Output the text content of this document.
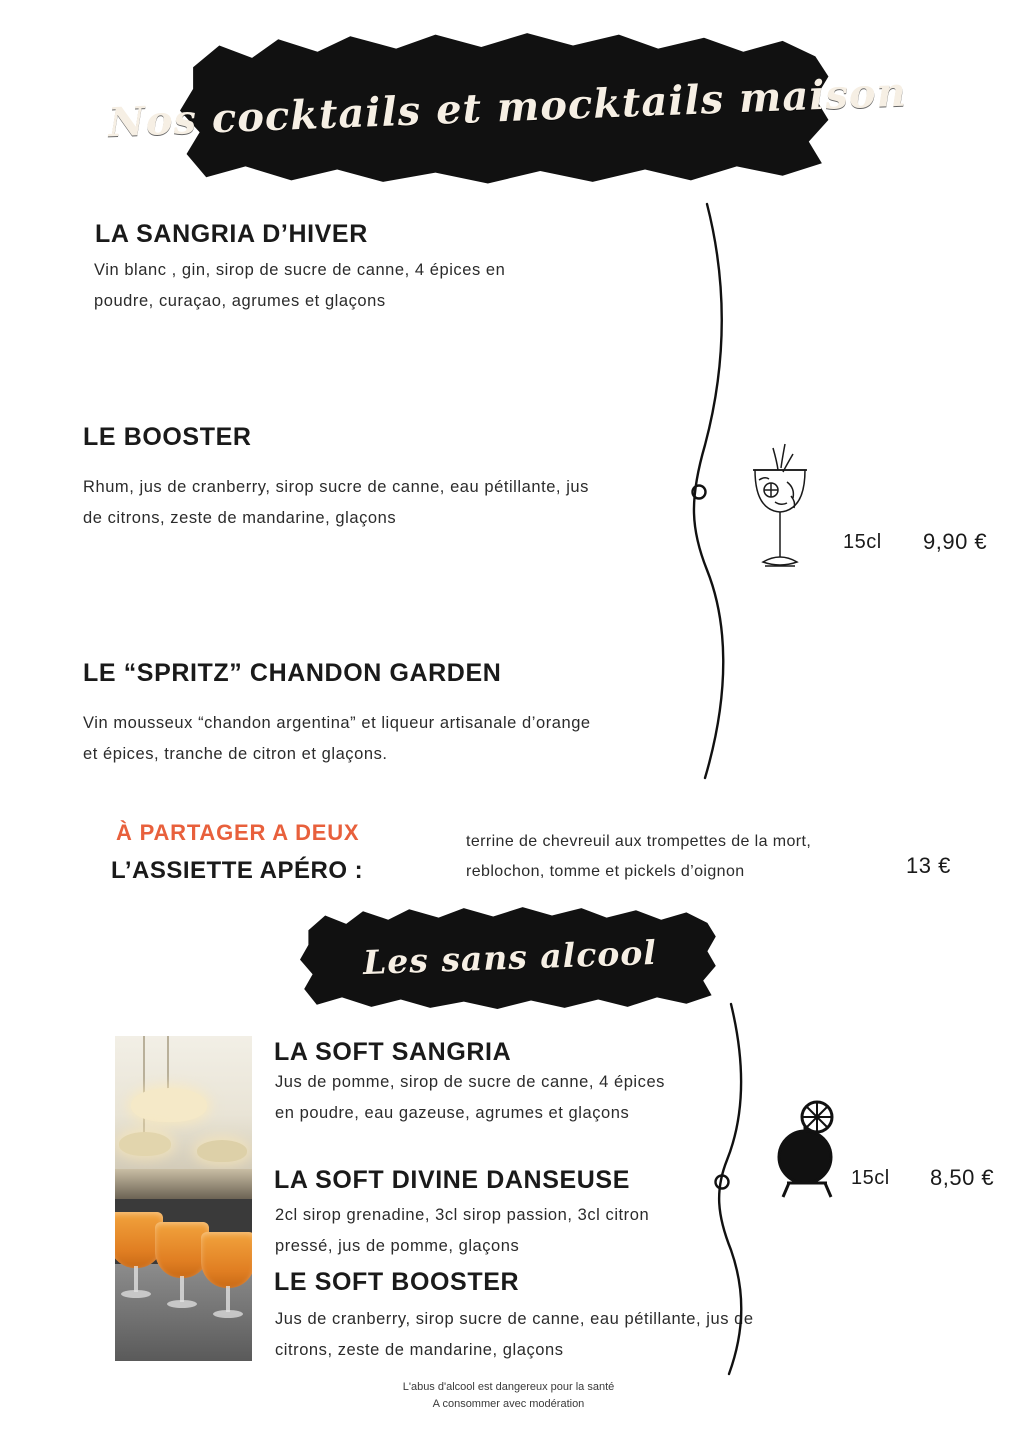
Nos cocktails et mocktails maison
LA SANGRIA D’HIVER
Vin blanc , gin, sirop de sucre de canne, 4 épices en poudre, curaçao, agrumes et glaçons
LE BOOSTER
Rhum, jus de cranberry, sirop sucre de canne, eau pétillante, jus de citrons, zeste de mandarine, glaçons
LE “SPRITZ” CHANDON GARDEN
Vin mousseux “chandon argentina” et liqueur artisanale d’orange et épices, tranche de citron et glaçons.
15cl 9,90 €
À PARTAGER A DEUX
L’ASSIETTE APÉRO :
terrine de chevreuil aux trompettes de la mort, reblochon, tomme et pickels d’oignon	13 €
Les sans alcool
LA SOFT SANGRIA
Jus de pomme, sirop de sucre de canne, 4 épices en poudre, eau gazeuse, agrumes et glaçons
LA SOFT DIVINE DANSEUSE
2cl sirop grenadine, 3cl sirop passion, 3cl citron pressé, jus de pomme, glaçons
LE SOFT BOOSTER
Jus de cranberry, sirop sucre de canne, eau pétillante, jus de citrons, zeste de mandarine, glaçons
15cl 8,50 €
L'abus d'alcool est dangereux pour la santé
A consommer avec modération
